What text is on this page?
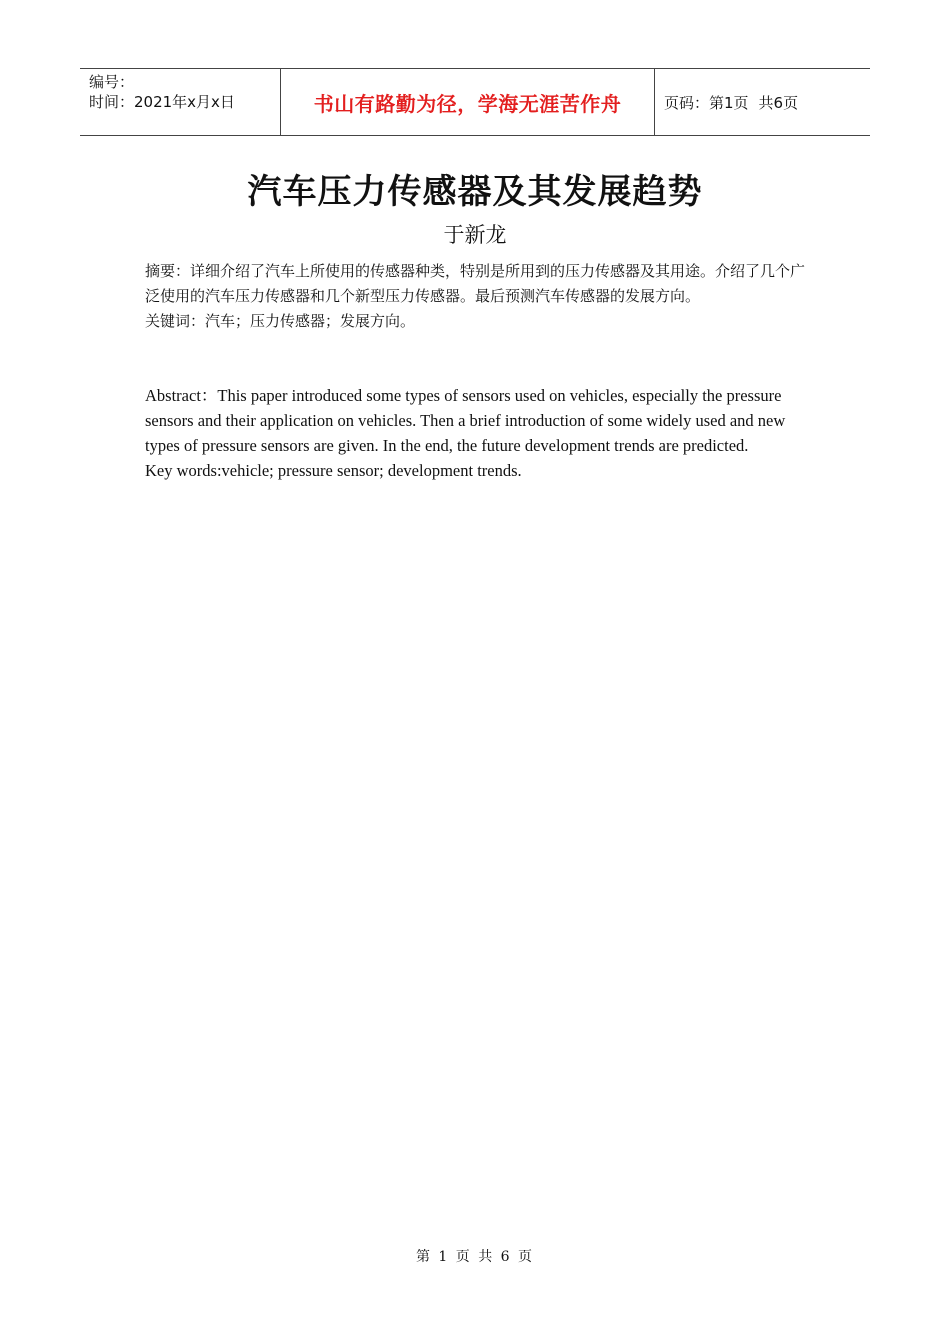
编号：
时间：2021年x月x日	书山有路勤为径，学海无涯苦作舟	页码：第1页 共6页
汽车压力传感器及其发展趋势
于新龙

摘要：详细介绍了汽车上所使用的传感器种类，特别是所用到的压力传感器及其用途。介绍了几个广泛使用的汽车压力传感器和几个新型压力传感器。最后预测汽车传感器的发展方向。

关键词：汽车；压力传感器；发展方向。

Abstract：This paper introduced some types of sensors used on vehicles, especially the pressure sensors and their application on vehicles. Then a brief introduction of some widely used and new types of pressure sensors are given. In the end, the future development trends are predicted.

Key words:vehicle; pressure sensor; development trends.

第 1 页 共 6 页
